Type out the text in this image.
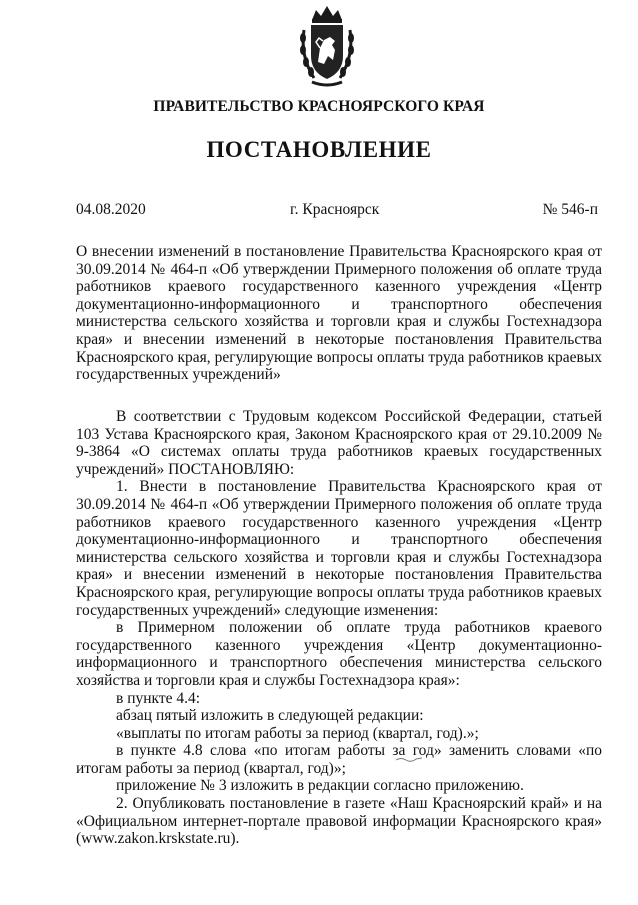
ПРАВИТЕЛЬСТВО КРАСНОЯРСКОГО КРАЯ
ПОСТАНОВЛЕНИЕ
04.08.2020	г. Красноярск	№ 546-п
О внесении изменений в постановление Правительства Красноярского края от 30.09.2014 № 464-п «Об утверждении Примерного положения об оплате труда работников краевого государственного казенного учреждения «Центр документационно-информационного и транспортного обеспечения министерства сельского хозяйства и торговли края и службы Гостехнадзора края» и внесении изменений в некоторые постановления Правительства Красноярского края, регулирующие вопросы оплаты труда работников краевых государственных учреждений»

В соответствии с Трудовым кодексом Российской Федерации, статьей 103 Устава Красноярского края, Законом Красноярского края от 29.10.2009 № 9-3864 «О системах оплаты труда работников краевых государственных учреждений» ПОСТАНОВЛЯЮ:

1. Внести в постановление Правительства Красноярского края от 30.09.2014 № 464-п «Об утверждении Примерного положения об оплате труда работников краевого государственного казенного учреждения «Центр документационно-информационного и транспортного обеспечения министерства сельского хозяйства и торговли края и службы Гостехнадзора края» и внесении изменений в некоторые постановления Правительства Красноярского края, регулирующие вопросы оплаты труда работников краевых государственных учреждений» следующие изменения:

в Примерном положении об оплате труда работников краевого государственного казенного учреждения «Центр документационно-информационного и транспортного обеспечения министерства сельского хозяйства и торговли края и службы Гостехнадзора края»:

в пункте 4.4:

абзац пятый изложить в следующей редакции:

«выплаты по итогам работы за период (квартал, год).»;

в пункте 4.8 слова «по итогам работы за год» заменить словами «по итогам работы за период (квартал, год)»;

приложение № 3 изложить в редакции согласно приложению.

2. Опубликовать постановление в газете «Наш Красноярский край» и на «Официальном интернет-портале правовой информации Красноярского края» (www.zakon.krskstate.ru).
